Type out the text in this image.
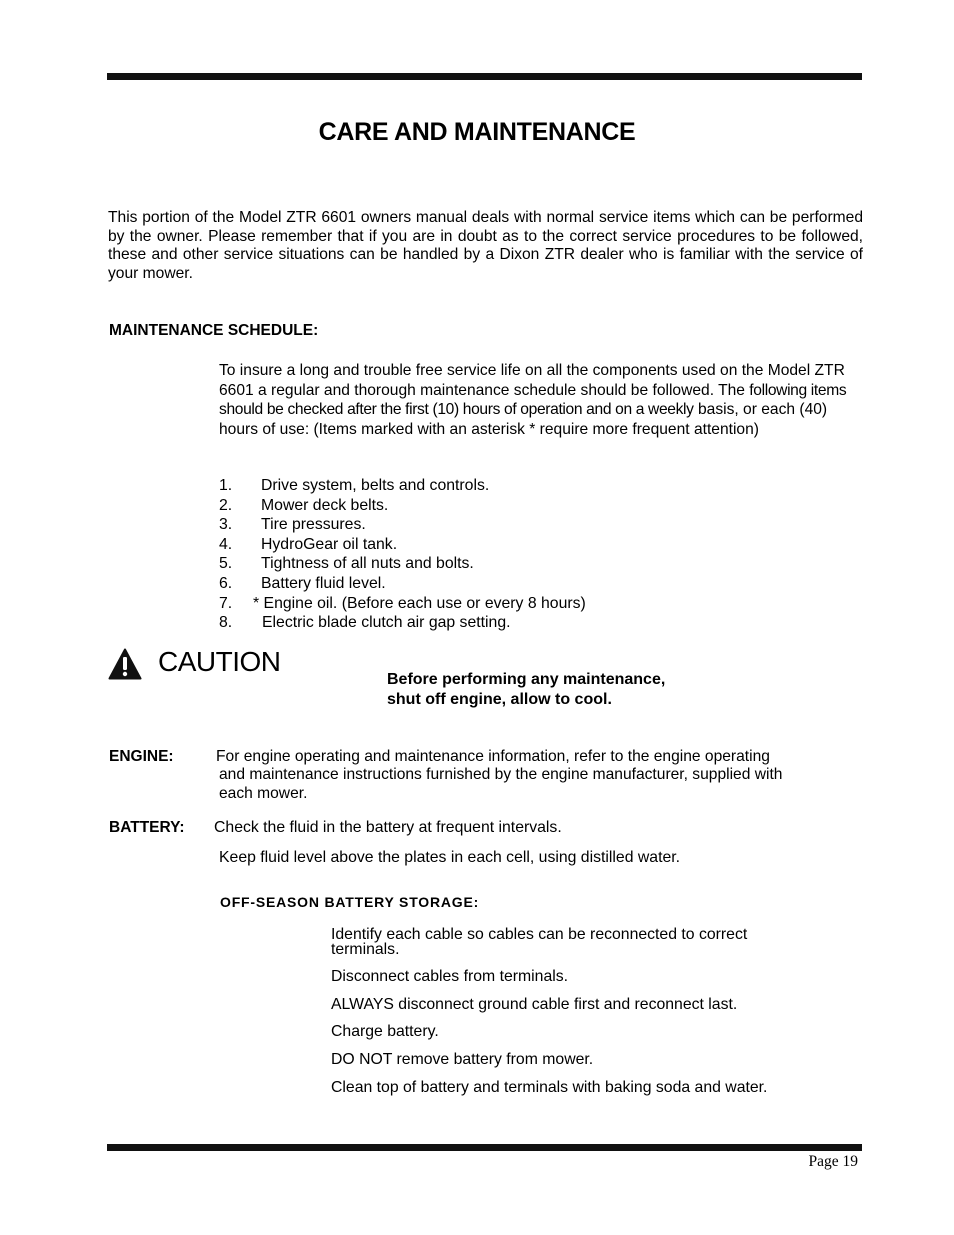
CARE AND MAINTENANCE

This portion of the Model ZTR 6601 owners manual deals with normal service items which can be performed by the owner. Please remember that if you are in doubt as to the correct service procedures to be followed, these and other service situations can be handled by a Dixon ZTR dealer who is familiar with the service of your mower.

MAINTENANCE SCHEDULE:
To insure a long and trouble free service life on all the components used on the Model ZTR 6601 a regular and thorough maintenance schedule should be followed. The following items should be checked after the first (10) hours of operation and on a weekly basis, or each (40) hours of use: (Items marked with an asterisk * require more frequent attention)
1.	Drive system, belts and controls.
2.	Mower deck belts.
3.	Tire pressures.
4.	HydroGear oil tank.
5.	Tightness of all nuts and bolts.
6.	Battery fluid level.
7.	* Engine oil. (Before each use or every 8 hours)
8.	Electric blade clutch air gap setting.
CAUTION
Before performing any maintenance,
shut off engine, allow to cool.
ENGINE:	For engine operating and maintenance information, refer to the engine operating
and maintenance instructions furnished by the engine manufacturer, supplied with
each mower.
BATTERY: Check the fluid in the battery at frequent intervals.
Keep fluid level above the plates in each cell, using distilled water.
OFF-SEASON BATTERY STORAGE:
Identify each cable so cables can be reconnected to correct
terminals.
Disconnect cables from terminals.
ALWAYS disconnect ground cable first and reconnect last.
Charge battery.
DO NOT remove battery from mower.
Clean top of battery and terminals with baking soda and water.
Page 19
